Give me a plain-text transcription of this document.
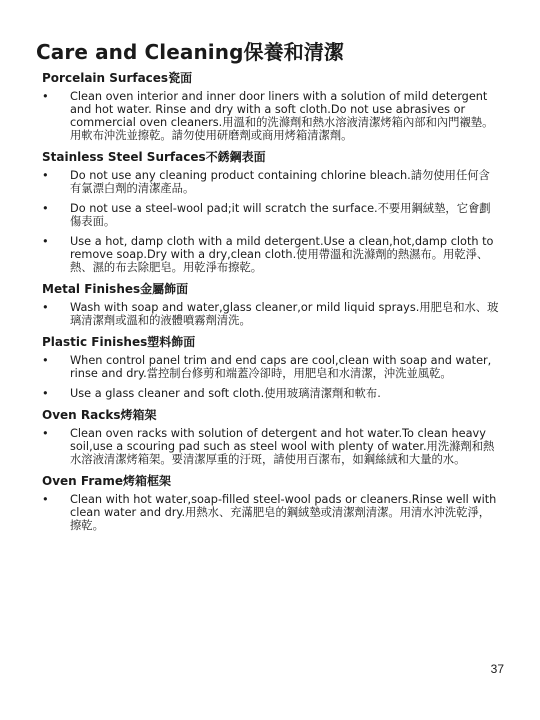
Care and Cleaning保養和清潔
Porcelain Surfaces瓷面
• Clean oven interior and inner door liners with a solution of mild detergent and hot water. Rinse and dry with a soft cloth.Do not use abrasives or commercial oven cleaners.用溫和的洗滌劑和熱水溶液清潔烤箱內部和內門襯墊。 用軟布沖洗並擦乾。請勿使用研磨劑或商用烤箱清潔劑。
Stainless Steel Surfaces不銹鋼表面
• Do not use any cleaning product containing chlorine bleach.請勿使用任何含有氯漂白劑的清潔產品。
• Do not use a steel-wool pad;it will scratch the surface.不要用鋼絨墊，它會劃傷表面。
• Use a hot, damp cloth with a mild detergent.Use a clean,hot,damp cloth to remove soap.Dry with a dry,clean cloth.使用帶溫和洗滌劑的熱濕布。用乾淨、熱、濕的布去除肥皂。用乾淨布擦乾。
Metal Finishes金屬飾面
• Wash with soap and water,glass cleaner,or mild liquid sprays.用肥皂和水、玻璃清潔劑或溫和的液體噴霧劑清洗。
Plastic Finishes塑料飾面
• When control panel trim and end caps are cool,clean with soap and water, rinse and dry.當控制台修剪和端蓋冷卻時，用肥皂和水清潔，沖洗並風乾。
• Use a glass cleaner and soft cloth.使用玻璃清潔劑和軟布.
Oven Racks烤箱架
• Clean oven racks with solution of detergent and hot water.To clean heavy soil,use a scouring pad such as steel wool with plenty of water.用洗滌劑和熱水溶液清潔烤箱架。要清潔厚重的汙斑，請使用百潔布，如鋼絲絨和大量的水。
Oven Frame烤箱框架
• Clean with hot water,soap-filled steel-wool pads or cleaners.Rinse well with clean water and dry.用熱水、充滿肥皂的鋼絨墊或清潔劑清潔。用清水沖洗乾淨，擦乾。
37
